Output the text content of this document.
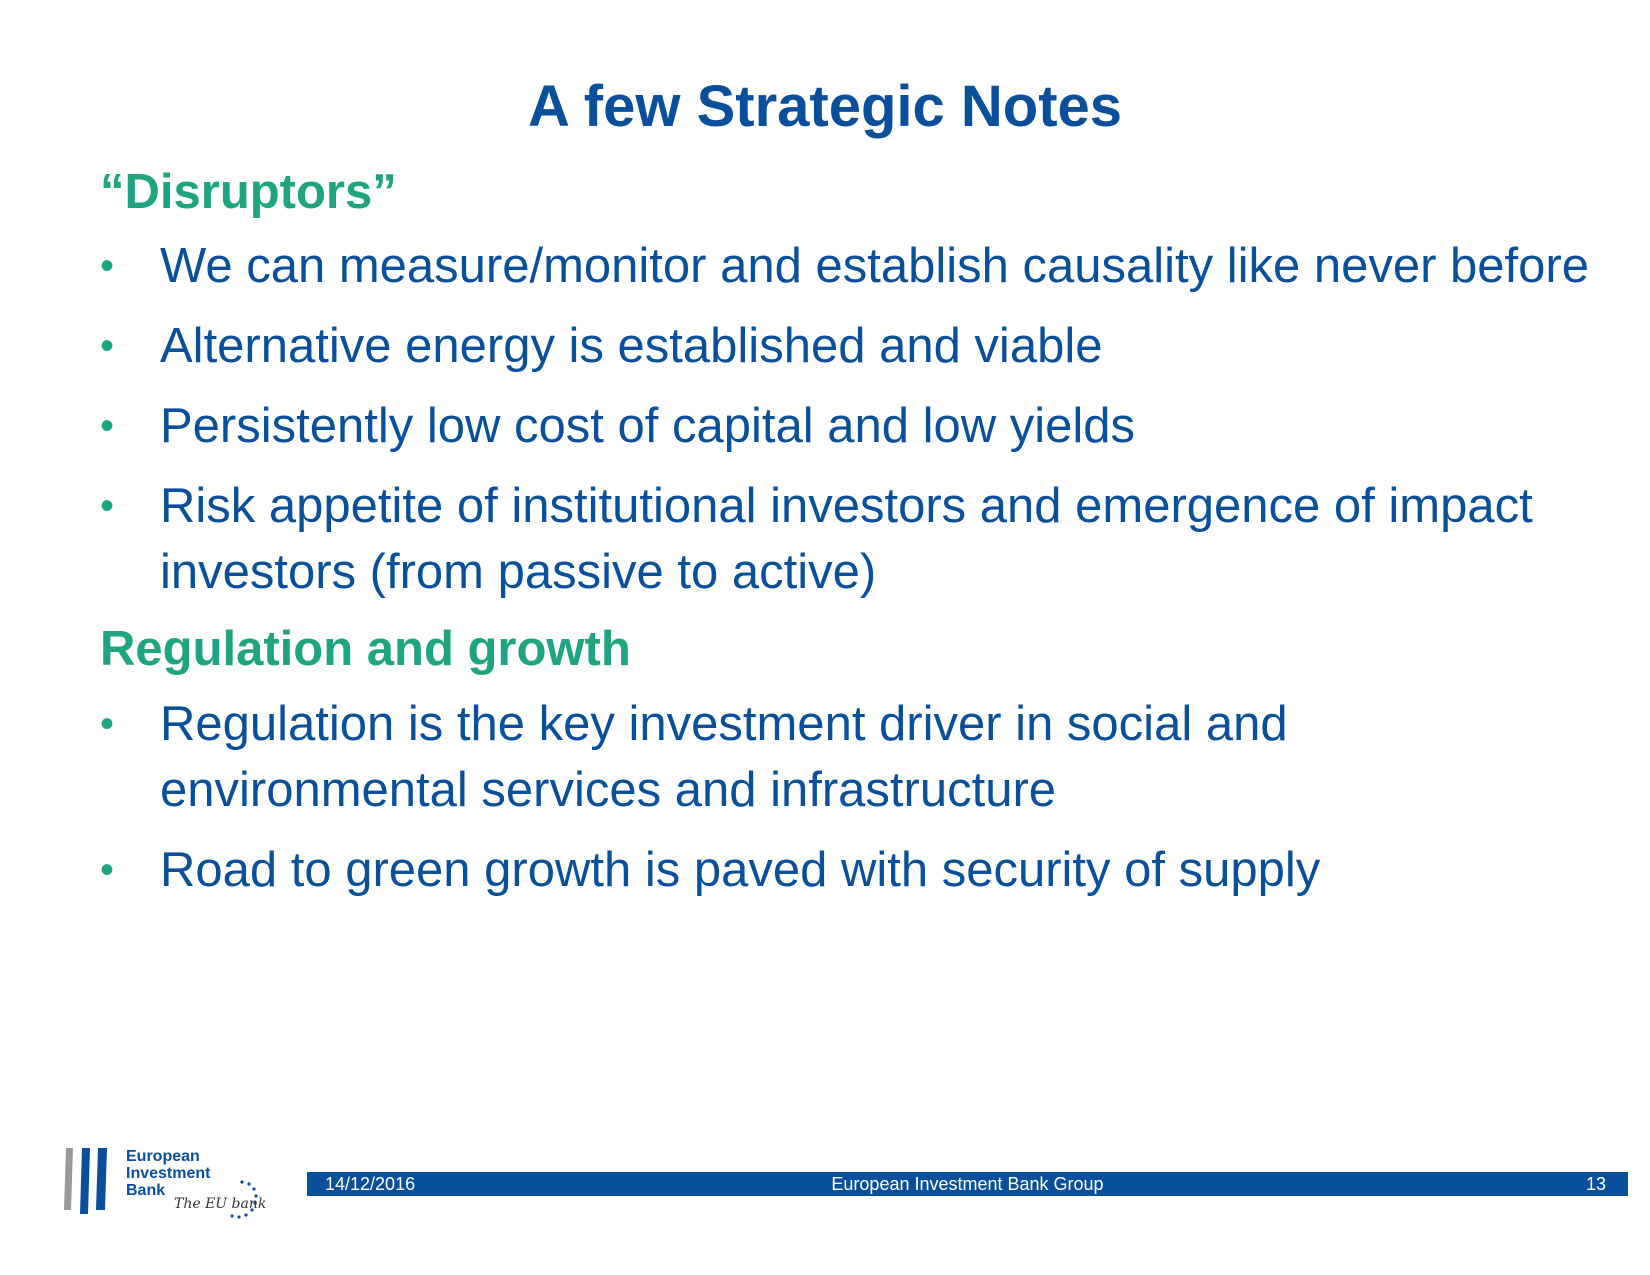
A few Strategic Notes
“Disruptors”
• We can measure/monitor and establish causality like never before
• Alternative energy is established and viable
• Persistently low cost of capital and low yields
• Risk appetite of institutional investors and emergence of impact investors (from passive to active)
Regulation and growth
• Regulation is the key investment driver in social and environmental services and infrastructure
• Road to green growth is paved with security of supply
European
Investment
Bank
The EU bank
14/12/2016	European Investment Bank Group	13
